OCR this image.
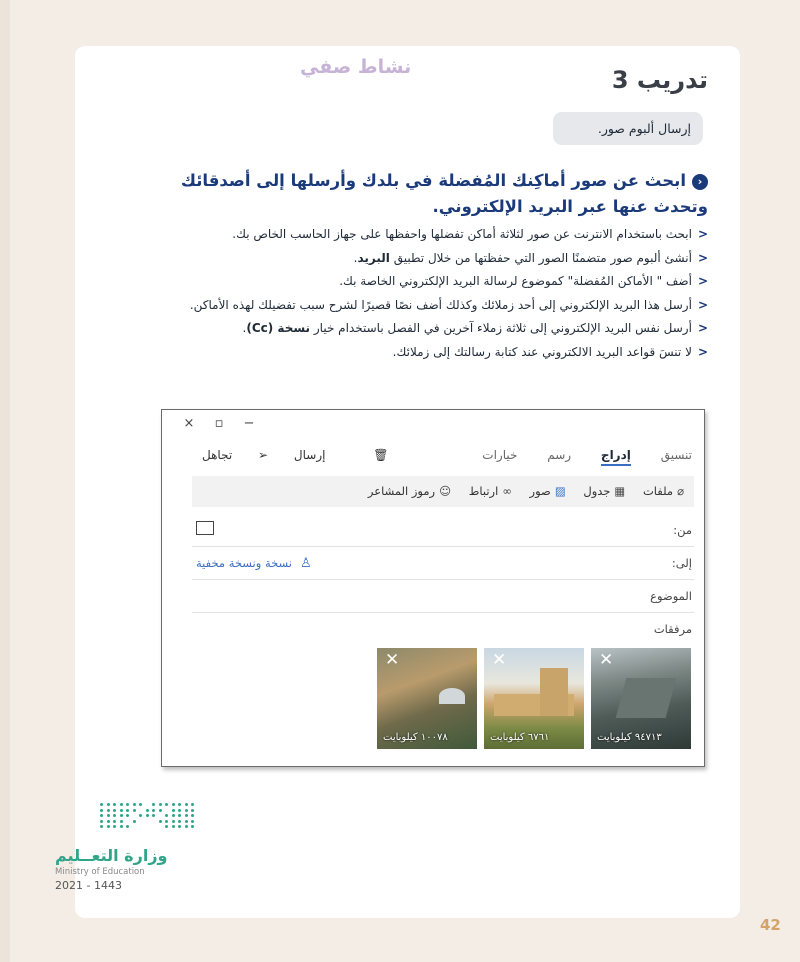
نشاط صفي	تدريب 3
إرسال ألبوم صور.
‹ابحث عن صور أماكِنك المُفضلة في بلدك وأرسلها إلى أصدقائك وتحدث عنها عبر البريد الإلكتروني.
<ابحث باستخدام الانترنت عن صور لثلاثة أماكن تفضلها واحفظها على جهاز الحاسب الخاص بك.
<أنشئ ألبوم صور متضمنًا الصور التي حفظتها من خلال تطبيق البريد.
<أضف " الأماكن المُفضلة" كموضوع لرسالة البريد الإلكتروني الخاصة بك.
<أرسل هذا البريد الإلكتروني إلى أحد زملائك وكذلك أضف نصًا قصيرًا لشرح سبب تفضيلك لهذه الأماكن.
<أرسل نفس البريد الإلكتروني إلى ثلاثة زملاء آخرين في الفصل باستخدام خيار نسخة (Cc).
<لا تنسَ قواعد البريد الالكتروني عند كتابة رسالتك إلى زملائك.
× ▫ −
تنسيق إدراج رسم خيارات
إرسال ➢ تجاهل	🗑
⌀ملفات ▦جدول ▨صور ∞ارتباط ☺رموز المشاعر
من:
إلى:
♙نسخة ونسخة مخفية
الموضوع
مرفقات
✕
١٠٠٧٨ كيلوبايت
✕
٦٧٦١ كيلوبايت
✕
٩٤٧١٣ كيلوبايت
وزارة التعــليم
Ministry of Education
2021 - 1443
42
